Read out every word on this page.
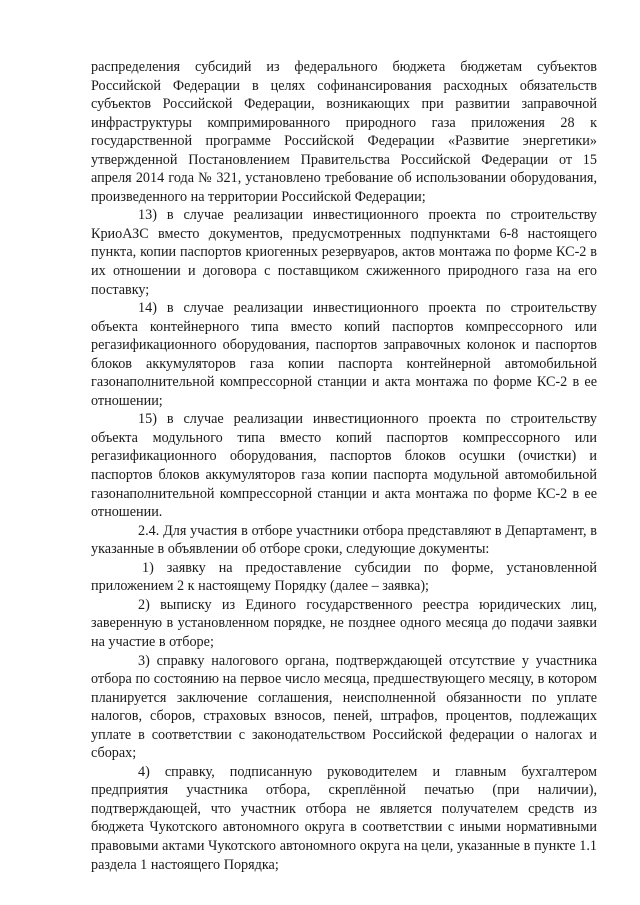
распределения субсидий из федерального бюджета бюджетам субъектов Российской Федерации в целях софинансирования расходных обязательств субъектов Российской Федерации, возникающих при развитии заправочной инфраструктуры компримированного природного газа приложения 28 к государственной программе Российской Федерации «Развитие энергетики» утвержденной Постановлением Правительства Российской Федерации от 15 апреля 2014 года № 321, установлено требование об использовании оборудования, произведенного на территории Российской Федерации;

13) в случае реализации инвестиционного проекта по строительству КриоАЗС вместо документов, предусмотренных подпунктами 6-8 настоящего пункта, копии паспортов криогенных резервуаров, актов монтажа по форме КС-2 в их отношении и договора с поставщиком сжиженного природного газа на его поставку;

14) в случае реализации инвестиционного проекта по строительству объекта контейнерного типа вместо копий паспортов компрессорного или регазификационного оборудования, паспортов заправочных колонок и паспортов блоков аккумуляторов газа копии паспорта контейнерной автомобильной газонаполнительной компрессорной станции и акта монтажа по форме КС-2 в ее отношении;

15) в случае реализации инвестиционного проекта по строительству объекта модульного типа вместо копий паспортов компрессорного или регазификационного оборудования, паспортов блоков осушки (очистки) и паспортов блоков аккумуляторов газа копии паспорта модульной автомобильной газонаполнительной компрессорной станции и акта монтажа по форме КС-2 в ее отношении.

2.4. Для участия в отборе участники отбора представляют в Департамент, в указанные в объявлении об отборе сроки, следующие документы:

1) заявку на предоставление субсидии по форме, установленной приложением 2 к настоящему Порядку (далее – заявка);

2) выписку из Единого государственного реестра юридических лиц, заверенную в установленном порядке, не позднее одного месяца до подачи заявки на участие в отборе;

3) справку налогового органа, подтверждающей отсутствие у участника отбора по состоянию на первое число месяца, предшествующего месяцу, в котором планируется заключение соглашения, неисполненной обязанности по уплате налогов, сборов, страховых взносов, пеней, штрафов, процентов, подлежащих уплате в соответствии с законодательством Российской федерации о налогах и сборах;

4) справку, подписанную руководителем и главным бухгалтером предприятия участника отбора, скреплённой печатью (при наличии), подтверждающей, что участник отбора не является получателем средств из бюджета Чукотского автономного округа в соответствии с иными нормативными правовыми актами Чукотского автономного округа на цели, указанные в пункте 1.1 раздела 1 настоящего Порядка;
